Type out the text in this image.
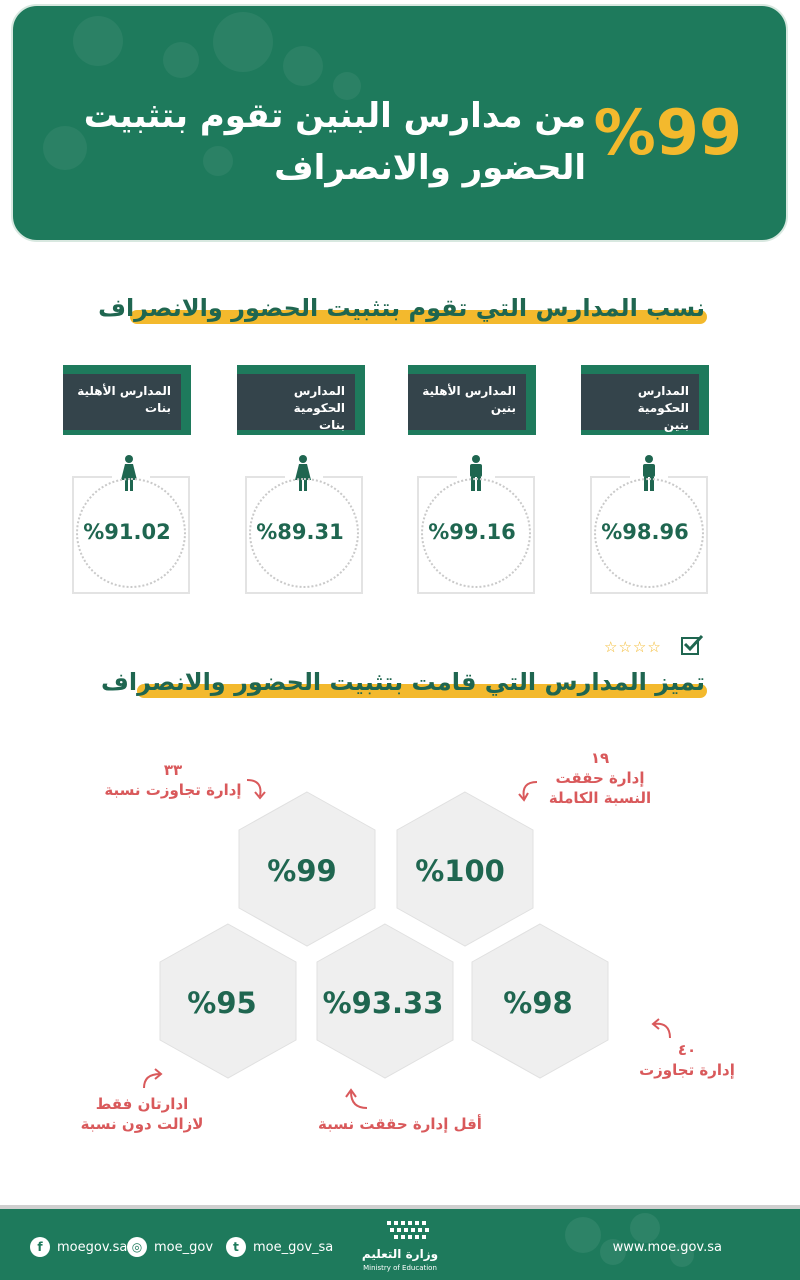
%99
من مدارس البنين تقوم بتثبيت الحضور والانصراف
نسب المدارس التي تقوم بتثبيت الحضور والانصراف
المدارس الحكومية
بنين
%98.96
المدارس الأهلية
بنين
%99.16
المدارس الحكومية
بنات
%89.31
المدارس الأهلية
بنات
%91.02
☆☆☆☆
تميز المدارس التي قامت بتثبيت الحضور والانصراف
%100
%99
%98
%93.33
%95
١٩
إدارة حققت النسبة الكاملة
٣٣
إدارة تجاوزت نسبة
٤٠
إدارة تجاوزت
أقل إدارة حققت نسبة
ادارتان فقط لازالت دون نسبة
f	moegov.sa ◎ moe_gov	t	moe_gov_sa	وزارة التعليم
Ministry of Education
www.moe.gov.sa
